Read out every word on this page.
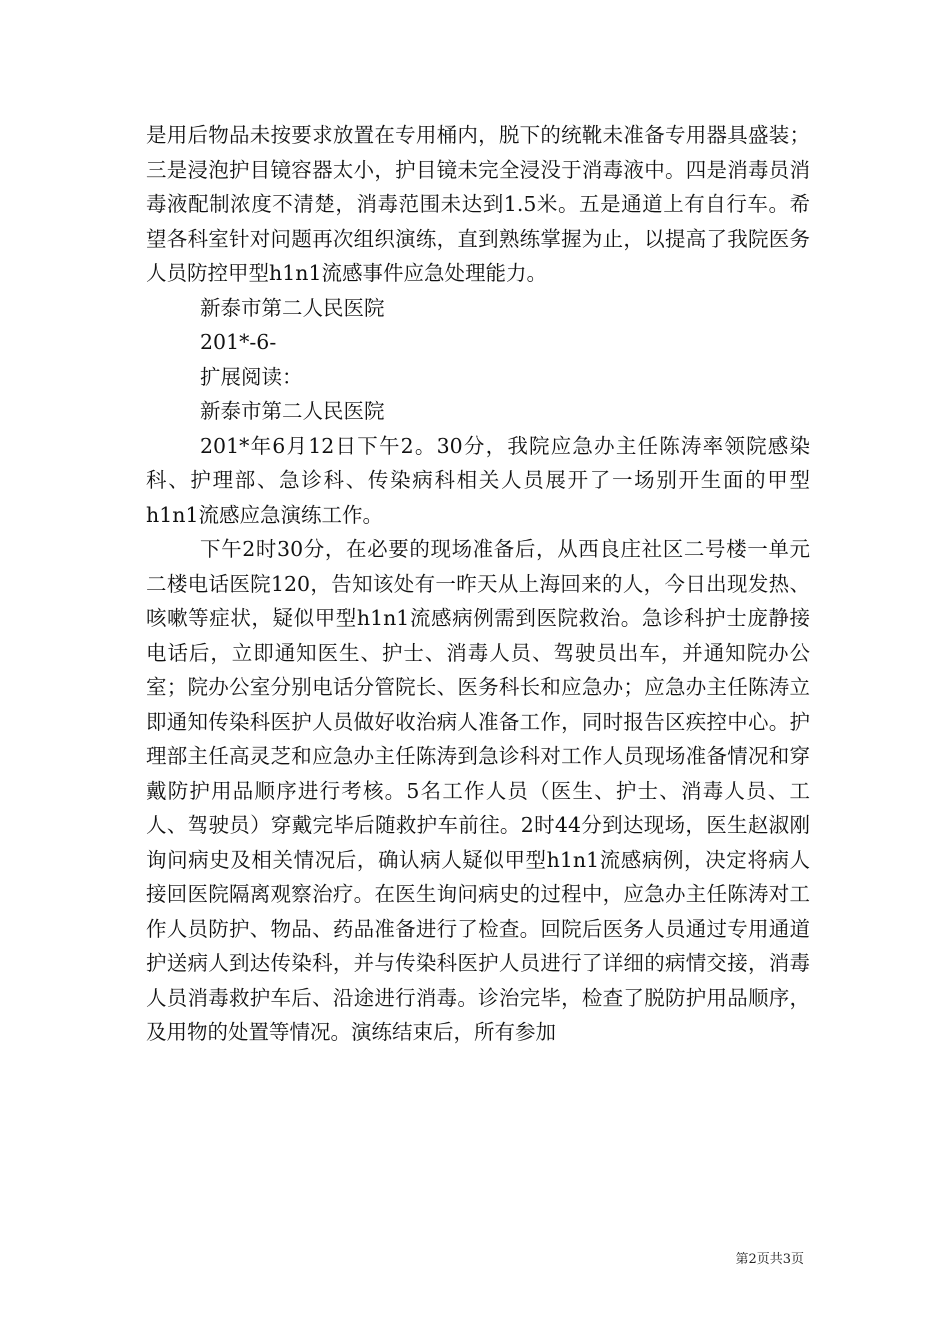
是用后物品未按要求放置在专用桶内，脱下的统靴未准备专用器具盛装；三是浸泡护目镜容器太小，护目镜未完全浸没于消毒液中。四是消毒员消毒液配制浓度不清楚，消毒范围未达到1.5米。五是通道上有自行车。希望各科室针对问题再次组织演练，直到熟练掌握为止，以提高了我院医务人员防控甲型h1n1流感事件应急处理能力。

新泰市第二人民医院

201*-6-

扩展阅读：

新泰市第二人民医院

201*年6月12日下午2。30分，我院应急办主任陈涛率领院感染科、护理部、急诊科、传染病科相关人员展开了一场别开生面的甲型h1n1流感应急演练工作。

下午2时30分，在必要的现场准备后，从西良庄社区二号楼一单元二楼电话医院120，告知该处有一昨天从上海回来的人，今日出现发热、咳嗽等症状，疑似甲型h1n1流感病例需到医院救治。急诊科护士庞静接电话后，立即通知医生、护士、消毒人员、驾驶员出车，并通知院办公室；院办公室分别电话分管院长、医务科长和应急办；应急办主任陈涛立即通知传染科医护人员做好收治病人准备工作，同时报告区疾控中心。护理部主任高灵芝和应急办主任陈涛到急诊科对工作人员现场准备情况和穿戴防护用品顺序进行考核。5名工作人员（医生、护士、消毒人员、工人、驾驶员）穿戴完毕后随救护车前往。2时44分到达现场，医生赵淑刚询问病史及相关情况后，确认病人疑似甲型h1n1流感病例，决定将病人接回医院隔离观察治疗。在医生询问病史的过程中，应急办主任陈涛对工作人员防护、物品、药品准备进行了检查。回院后医务人员通过专用通道护送病人到达传染科，并与传染科医护人员进行了详细的病情交接，消毒人员消毒救护车后、沿途进行消毒。诊治完毕，检查了脱防护用品顺序，及用物的处置等情况。演练结束后，所有参加

第2页共3页
